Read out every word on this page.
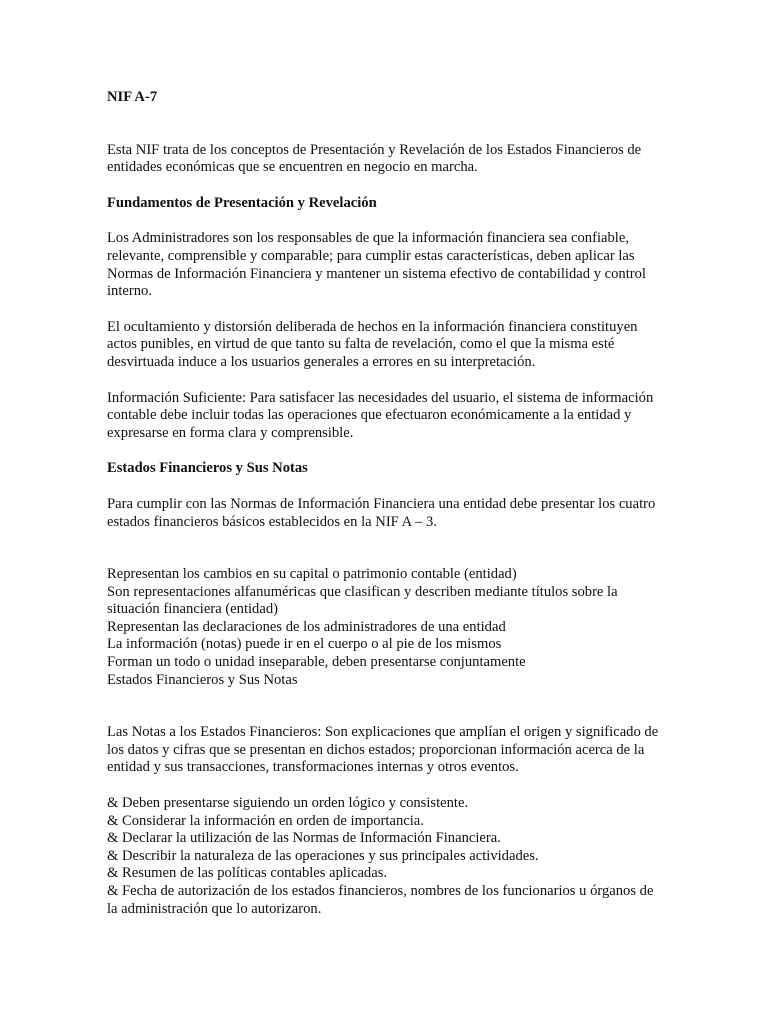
NIF A-7

Esta NIF trata de los conceptos de Presentación y Revelación de los Estados Financieros de entidades económicas que se encuentren en negocio en marcha.

Fundamentos de Presentación y Revelación

Los Administradores son los responsables de que la información financiera sea confiable, relevante, comprensible y comparable; para cumplir estas características, deben aplicar las Normas de Información Financiera y mantener un sistema efectivo de contabilidad y control interno.

El ocultamiento y distorsión deliberada de hechos en la información financiera constituyen actos punibles, en virtud de que tanto su falta de revelación, como el que la misma esté desvirtuada induce a los usuarios generales a errores en su interpretación.

Información Suficiente: Para satisfacer las necesidades del usuario, el sistema de información contable debe incluir todas las operaciones que efectuaron económicamente a la entidad y expresarse en forma clara y comprensible.

Estados Financieros y Sus Notas

Para cumplir con las Normas de Información Financiera una entidad debe presentar los cuatro estados financieros básicos establecidos en la NIF A – 3.

Representan los cambios en su capital o patrimonio contable (entidad)
Son representaciones alfanuméricas que clasifican y describen mediante títulos sobre la situación financiera (entidad)
Representan las declaraciones de los administradores de una entidad
La información (notas) puede ir en el cuerpo o al pie de los mismos
Forman un todo o unidad inseparable, deben presentarse conjuntamente
Estados Financieros y Sus Notas

Las Notas a los Estados Financieros: Son explicaciones que amplían el origen y significado de los datos y cifras que se presentan en dichos estados; proporcionan información acerca de la entidad y sus transacciones, transformaciones internas y otros eventos.

& Deben presentarse siguiendo un orden lógico y consistente.
& Considerar la información en orden de importancia.
& Declarar la utilización de las Normas de Información Financiera.
& Describir la naturaleza de las operaciones y sus principales actividades.
& Resumen de las políticas contables aplicadas.
& Fecha de autorización de los estados financieros, nombres de los funcionarios u órganos de la administración que lo autorizaron.
